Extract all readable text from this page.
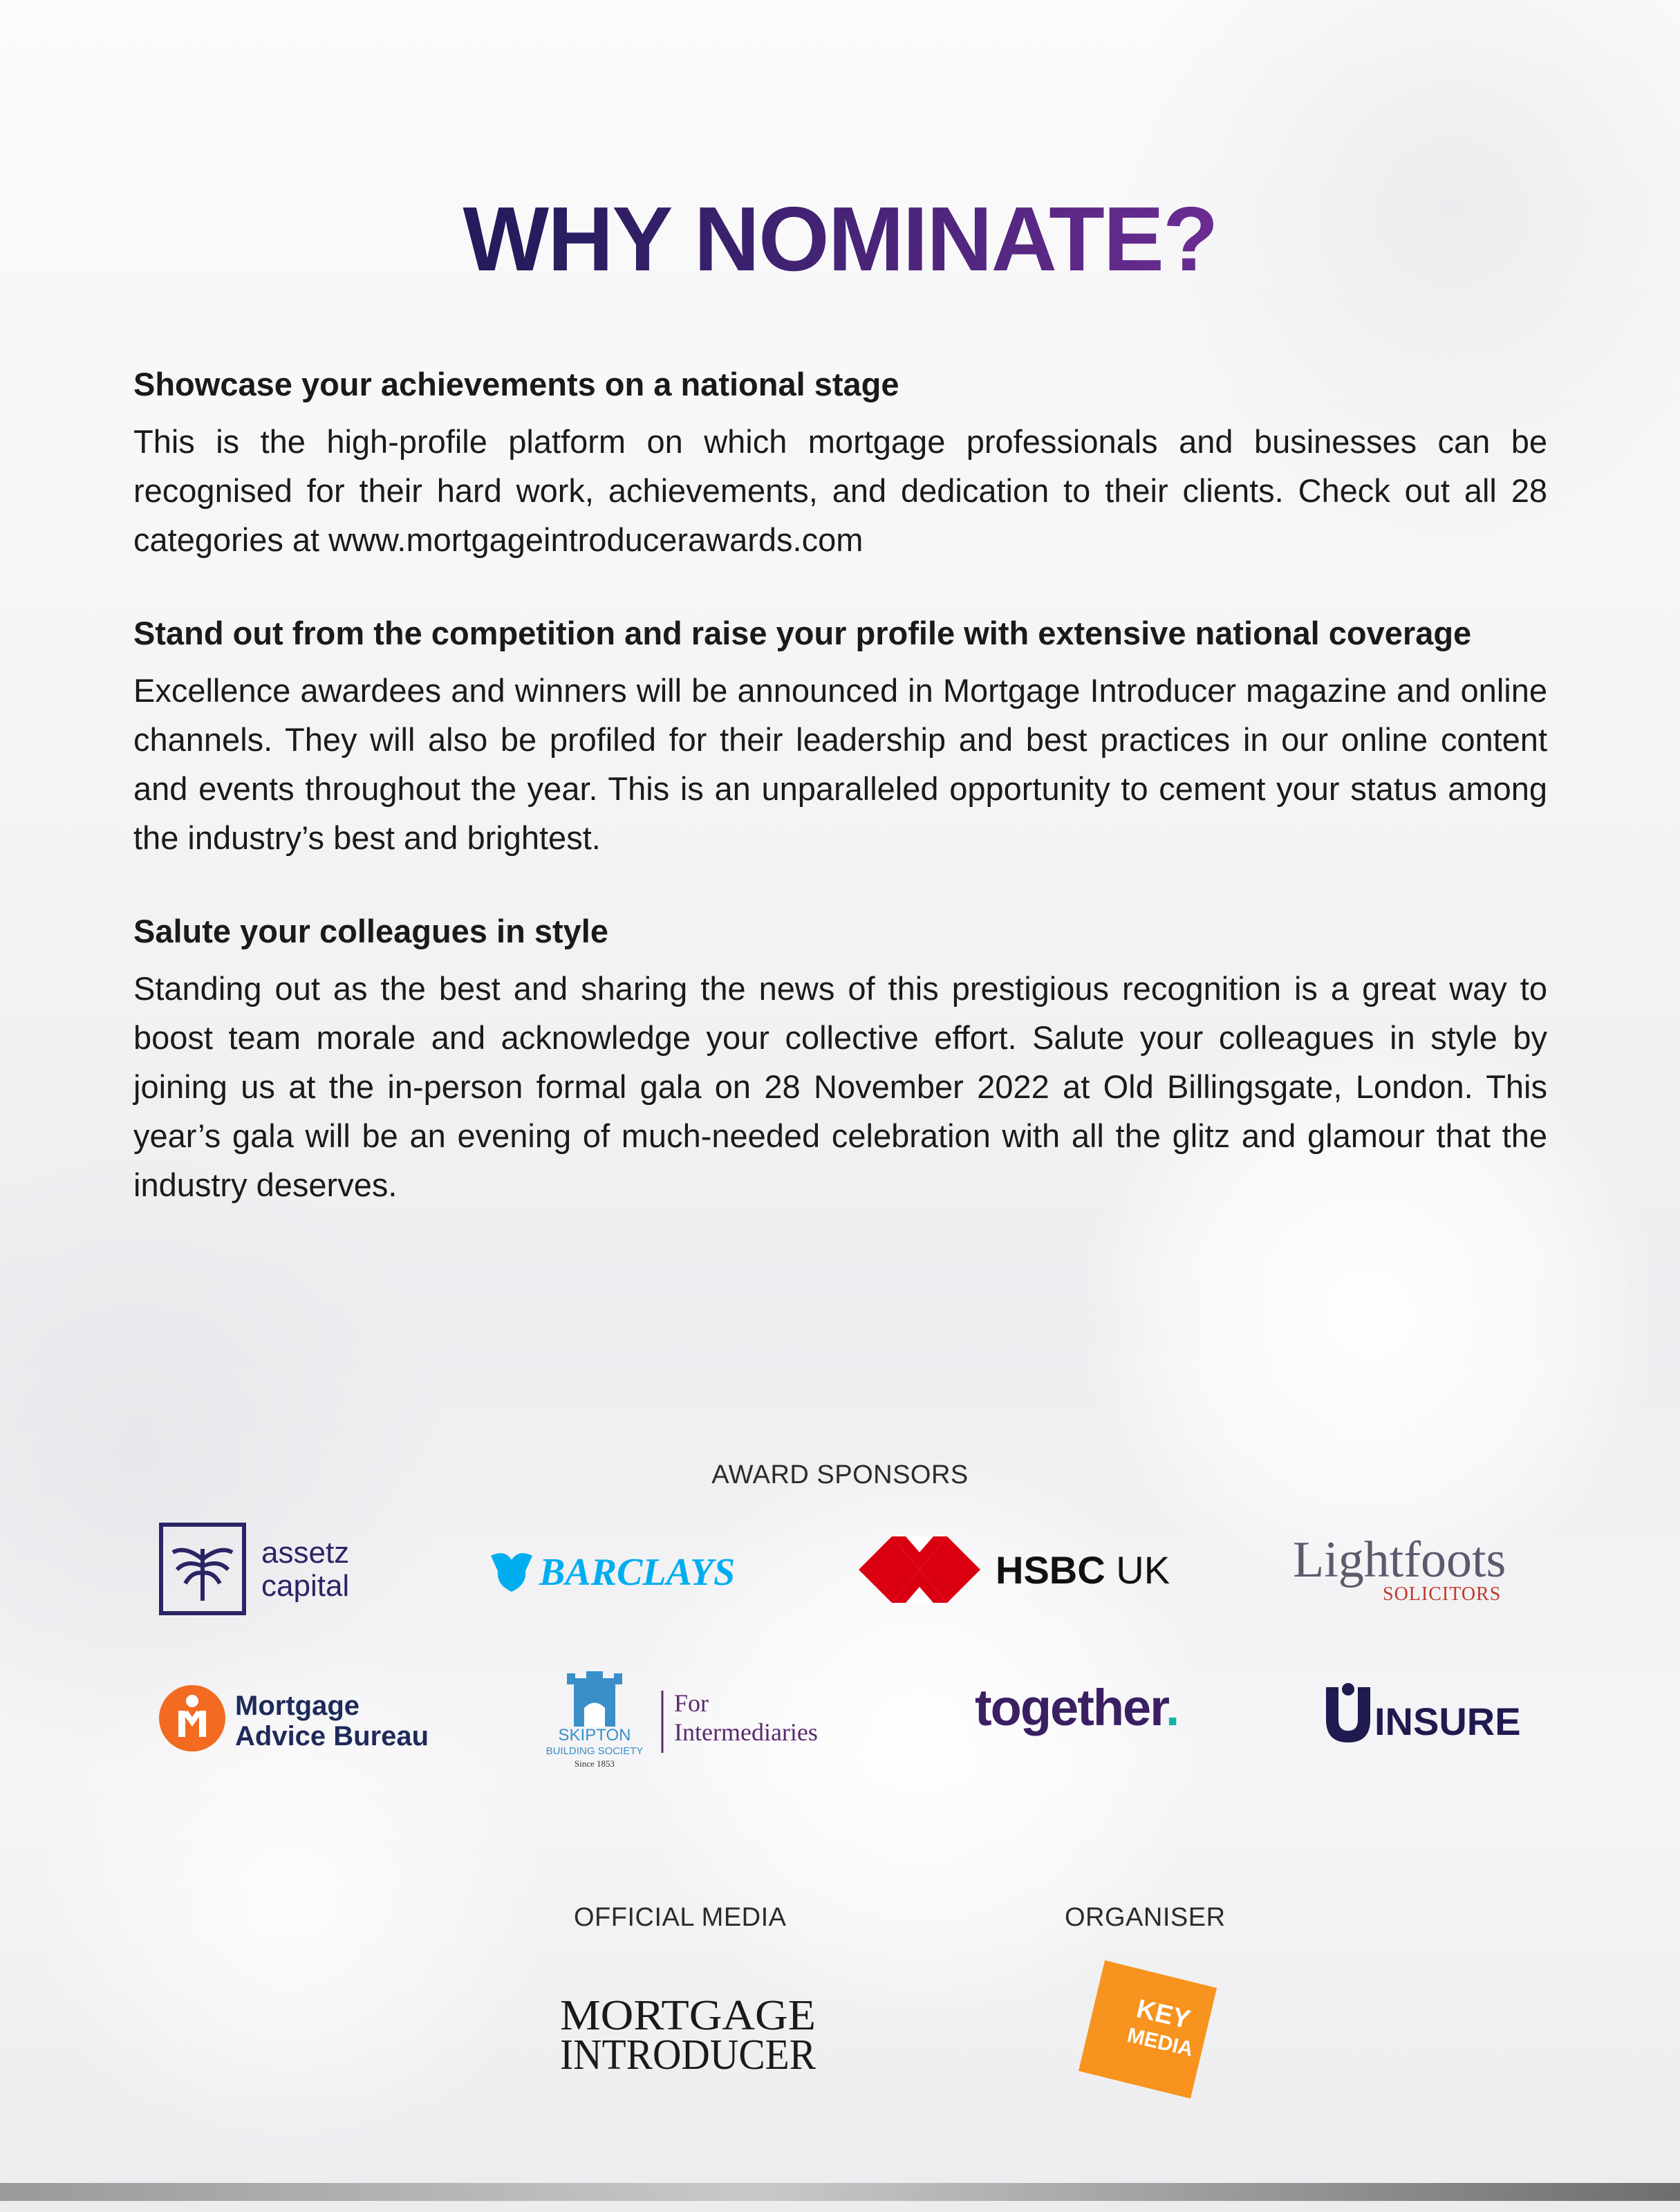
WHY NOMINATE?
Showcase your achievements on a national stage

This is the high-profile platform on which mortgage professionals and businesses can be recognised for their hard work, achievements, and dedication to their clients. Check out all 28 categories at www.mortgageintroducerawards.com

Stand out from the competition and raise your profile with extensive national coverage

Excellence awardees and winners will be announced in Mortgage Introducer magazine and online channels. They will also be profiled for their leadership and best practices in our online content and events throughout the year. This is an unparalleled opportunity to cement your status among the industry’s best and brightest.

Salute your colleagues in style

Standing out as the best and sharing the news of this prestigious recognition is a great way to boost team morale and acknowledge your collective effort. Salute your colleagues in style by joining us at the in-person formal gala on 28 November 2022 at Old Billingsgate, London. This year’s gala will be an evening of much-needed celebration with all the glitz and glamour that the industry deserves.

AWARD SPONSORS
assetz
capital	BARCLAYS	HSBC UK Lightfoots
SOLICITORS
Mortgage
Advice Bureau	SKIPTON
BUILDING SOCIETY
Since 1853
For
Intermediaries	together.	INSURE
OFFICIAL MEDIA	ORGANISER
MORTGAGE
INTRODUCER
KEY
MEDIA
